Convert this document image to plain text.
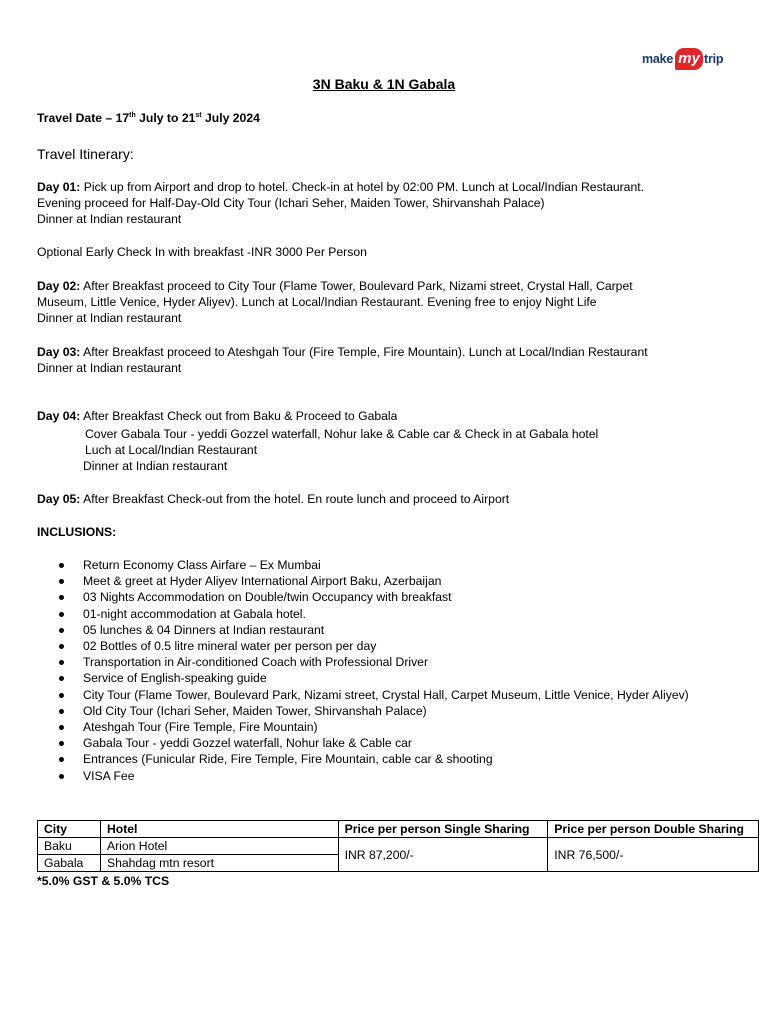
make my trip
3N Baku & 1N Gabala
Travel Date – 17th July to 21st July 2024
Travel Itinerary:
Day 01: Pick up from Airport and drop to hotel. Check-in at hotel by 02:00 PM. Lunch at Local/Indian Restaurant.
Evening proceed for Half-Day-Old City Tour (Ichari Seher, Maiden Tower, Shirvanshah Palace)
Dinner at Indian restaurant
Optional Early Check In with breakfast -INR 3000 Per Person
Day 02: After Breakfast proceed to City Tour (Flame Tower, Boulevard Park, Nizami street, Crystal Hall, Carpet
Museum, Little Venice, Hyder Aliyev). Lunch at Local/Indian Restaurant. Evening free to enjoy Night Life
Dinner at Indian restaurant
Day 03: After Breakfast proceed to Ateshgah Tour (Fire Temple, Fire Mountain). Lunch at Local/Indian Restaurant
Dinner at Indian restaurant
Day 04: After Breakfast Check out from Baku & Proceed to Gabala
Cover Gabala Tour - yeddi Gozzel waterfall, Nohur lake & Cable car & Check in at Gabala hotel
Luch at Local/Indian Restaurant
Dinner at Indian restaurant
Day 05: After Breakfast Check-out from the hotel. En route lunch and proceed to Airport
INCLUSIONS:
Return Economy Class Airfare – Ex Mumbai
Meet & greet at Hyder Aliyev International Airport Baku, Azerbaijan
03 Nights Accommodation on Double/twin Occupancy with breakfast
01-night accommodation at Gabala hotel.
05 lunches & 04 Dinners at Indian restaurant
02 Bottles of 0.5 litre mineral water per person per day
Transportation in Air-conditioned Coach with Professional Driver
Service of English-speaking guide
City Tour (Flame Tower, Boulevard Park, Nizami street, Crystal Hall, Carpet Museum, Little Venice, Hyder Aliyev)
Old City Tour (Ichari Seher, Maiden Tower, Shirvanshah Palace)
Ateshgah Tour (Fire Temple, Fire Mountain)
Gabala Tour - yeddi Gozzel waterfall, Nohur lake & Cable car
Entrances (Funicular Ride, Fire Temple, Fire Mountain, cable car & shooting
VISA Fee
City	Hotel	Price per person Single Sharing	Price per person Double Sharing
Baku	Arion Hotel	INR 87,200/-	INR 76,500/-
Gabala	Shahdag mtn resort		
*5.0% GST & 5.0% TCS
